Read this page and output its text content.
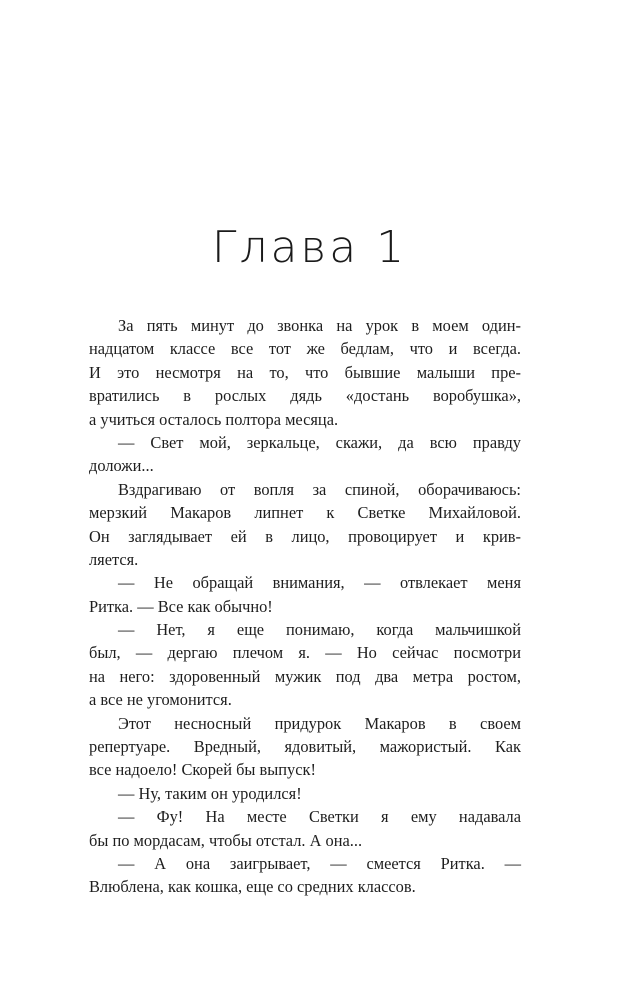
Глава 1
За пять минут до звонка на урок в моем один-
надцатом классе все тот же бедлам, что и всегда.
И это несмотря на то, что бывшие малыши пре-
вратились в рослых дядь «достань воробушка»,
а учиться осталось полтора месяца.
— Свет мой, зеркальце, скажи, да всю правду
доложи...
Вздрагиваю от вопля за спиной, оборачиваюсь:
мерзкий Макаров липнет к Светке Михайловой.
Он заглядывает ей в лицо, провоцирует и крив-
ляется.
— Не обращай внимания, — отвлекает меня
Ритка. — Все как обычно!
— Нет, я еще понимаю, когда мальчишкой
был, — дергаю плечом я. — Но сейчас посмотри
на него: здоровенный мужик под два метра ростом,
а все не угомонится.
Этот несносный придурок Макаров в своем
репертуаре. Вредный, ядовитый, мажористый. Как
все надоело! Скорей бы выпуск!
— Ну, таким он уродился!
— Фу! На месте Светки я ему надавала
бы по мордасам, чтобы отстал. А она...
— А она заигрывает, — смеется Ритка. —
Влюблена, как кошка, еще со средних классов.
